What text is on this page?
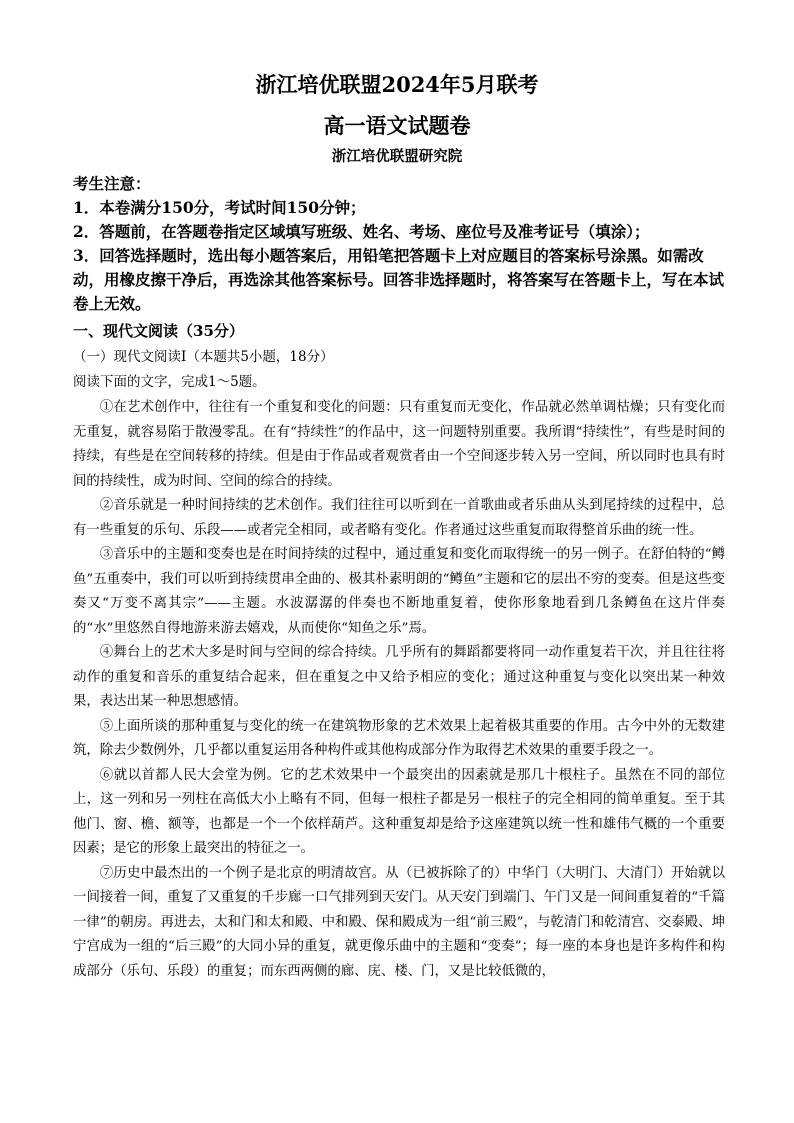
浙江培优联盟2024年5月联考
高一语文试题卷
浙江培优联盟研究院
考生注意：
1．本卷满分150分，考试时间150分钟；
2．答题前，在答题卷指定区域填写班级、姓名、考场、座位号及准考证号（填涂）；
3．回答选择题时，选出每小题答案后，用铅笔把答题卡上对应题目的答案标号涂黑。如需改动，用橡皮擦干净后，再选涂其他答案标号。回答非选择题时，将答案写在答题卡上，写在本试卷上无效。
一、现代文阅读（35分）
（一）现代文阅读Ⅰ（本题共5小题，18分）
阅读下面的文字，完成1～5题。

①在艺术创作中，往往有一个重复和变化的问题：只有重复而无变化，作品就必然单调枯燥；只有变化而无重复，就容易陷于散漫零乱。在有“持续性”的作品中，这一问题特别重要。我所谓“持续性”，有些是时间的持续，有些是在空间转移的持续。但是由于作品或者观赏者由一个空间逐步转入另一空间，所以同时也具有时间的持续性，成为时间、空间的综合的持续。

②音乐就是一种时间持续的艺术创作。我们往往可以听到在一首歌曲或者乐曲从头到尾持续的过程中，总有一些重复的乐句、乐段——或者完全相同，或者略有变化。作者通过这些重复而取得整首乐曲的统一性。

③音乐中的主题和变奏也是在时间持续的过程中，通过重复和变化而取得统一的另一例子。在舒伯特的“鳟鱼”五重奏中，我们可以听到持续贯串全曲的、极其朴素明朗的“鳟鱼”主题和它的层出不穷的变奏。但是这些变奏又“万变不离其宗”——主题。水波潺潺的伴奏也不断地重复着，使你形象地看到几条鳟鱼在这片伴奏的“水”里悠然自得地游来游去嬉戏，从而使你“知鱼之乐”焉。

④舞台上的艺术大多是时间与空间的综合持续。几乎所有的舞蹈都要将同一动作重复若干次，并且往往将动作的重复和音乐的重复结合起来，但在重复之中又给予相应的变化；通过这种重复与变化以突出某一种效果，表达出某一种思想感情。

⑤上面所谈的那种重复与变化的统一在建筑物形象的艺术效果上起着极其重要的作用。古今中外的无数建筑，除去少数例外，几乎都以重复运用各种构件或其他构成部分作为取得艺术效果的重要手段之一。

⑥就以首都人民大会堂为例。它的艺术效果中一个最突出的因素就是那几十根柱子。虽然在不同的部位上，这一列和另一列柱在高低大小上略有不同，但每一根柱子都是另一根柱子的完全相同的简单重复。至于其他门、窗、檐、额等，也都是一个一个依样葫芦。这种重复却是给予这座建筑以统一性和雄伟气概的一个重要因素；是它的形象上最突出的特征之一。

⑦历史中最杰出的一个例子是北京的明清故宫。从（已被拆除了的）中华门（大明门、大清门）开始就以一间接着一间，重复了又重复的千步廊一口气排列到天安门。从天安门到端门、午门又是一间间重复着的“千篇一律”的朝房。再进去，太和门和太和殿、中和殿、保和殿成为一组“前三殿”，与乾清门和乾清宫、交泰殿、坤宁宫成为一组的“后三殿”的大同小异的重复，就更像乐曲中的主题和“变奏”；每一座的本身也是许多构件和构成部分（乐句、乐段）的重复；而东西两侧的廊、庑、楼、门，又是比较低微的，
